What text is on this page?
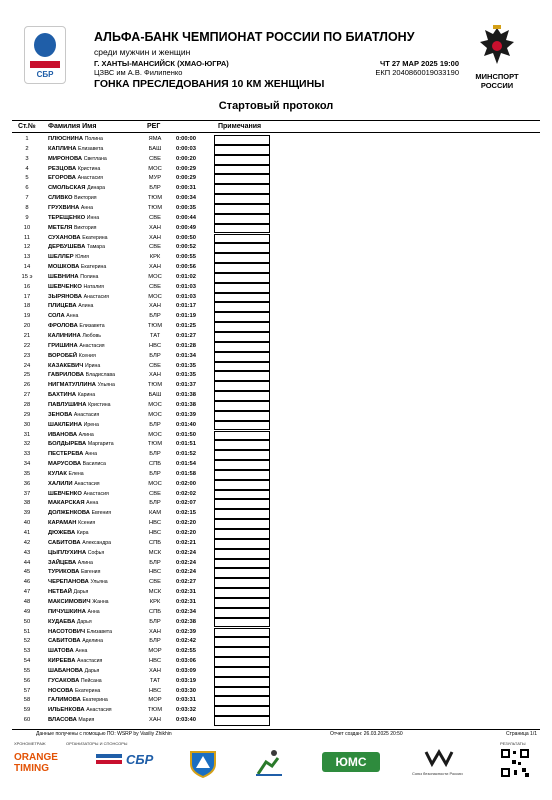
СБР
АЛЬФА-БАНК ЧЕМПИОНАТ РОССИИ ПО БИАТЛОНУ
среди мужчин и женщин
Г. ХАНТЫ-МАНСИЙСК (ХМАО-ЮГРА)
ЦЗВС им А.В. Филипенко
ГОНКА ПРЕСЛЕДОВАНИЯ 10 КМ ЖЕНЩИНЫ
ЧТ 27 МАР 2025 19:00
ЕКП 2040860019033190	МИНСПОРТ
РОССИИ
Стартовый протокол
Ст.№ Фамилия Имя	РЕГ	Примечания
1	ПЛЮСНИНА Полина	ЯМА	0:00:00
2	КАПЛИНА Елизавета	БАШ	0:00:03
3	МИРОНОВА Светлана	СВЕ	0:00:20
4	РЕЗЦОВА Кристина	МОС	0:00:29
5	ЕГОРОВА Анастасия	МУР	0:00:29
6	СМОЛЬСКАЯ Динара	БЛР	0:00:31
7	СЛИВКО Виктория	ТЮМ	0:00:34
8	ГРУХВИНА Анна	ТЮМ	0:00:35
9	ТЕРЕЩЕНКО Инна	СВЕ	0:00:44
10	МЕТЕЛЯ Виктория	ХАН	0:00:49
11	СУХАНОВА Екатерина	ХАН	0:00:50
12	ДЕРБУШЕВА Тамара	СВЕ	0:00:52
13	ШЕЛЛЕР Юлия	КРК	0:00:55
14	МОШКОВА Екатерина	ХАН	0:00:56
15 э	ШЕВНИНА Полина	МОС	0:01:02
16	ШЕВЧЕНКО Наталия	СВЕ	0:01:03
17	ЗЫРЯНОВА Анастасия	МОС	0:01:03
18	ПЛИЦЕВА Алина	ХАН	0:01:17
19	СОЛА Анна	БЛР	0:01:19
20	ФРОЛОВА Елизавета	ТЮМ	0:01:25
21	КАЛИНИНА Любовь	ТАТ	0:01:27
22	ГРИШИНА Анастасия	НВС	0:01:28
23	ВОРОБЕЙ Ксения	БЛР	0:01:34
24	КАЗАКЕВИЧ Ирина	СВЕ	0:01:35
25	ГАВРИЛОВА Владислава	ХАН	0:01:35
26	НИГМАТУЛЛИНА Ульяна	ТЮМ	0:01:37
27	БАХТИНА Карина	БАШ	0:01:38
28	ПАВЛУШИНА Кристина	МОС	0:01:38
29	ЗЕНОВА Анастасия	МОС	0:01:39
30	ШАКЛЕИНА Ирена	БЛР	0:01:40
31	ИВАНОВА Алина	МОС	0:01:50
32	БОЛДЫРЕВА Маргарита	ТЮМ	0:01:51
33	ПЕСТЕРЕВА Анна	БЛР	0:01:52
34	МАРУСОВА Василиса	СПБ	0:01:54
35	КУЛАК Елена	БЛР	0:01:58
36	ХАЛИЛИ Анастасия	МОС	0:02:00
37	ШЕВЧЕНКО Анастасия	СВЕ	0:02:02
38	МАКАРСКАЯ Анна	БЛР	0:02:07
39	ДОЛЖЕНКОВА Евгения	КАМ	0:02:15
40	КАРАМАН Ксения	НВС	0:02:20
41	ДЮЖЕВА Кира	НВС	0:02:20
42	САБИТОВА Александра	СПБ	0:02:21
43	ЦЫПЛУХИНА Софья	МСК	0:02:24
44	ЗАЙЦЕВА Алина	БЛР	0:02:24
45	ТУРИКОВА Евгения	НВС	0:02:24
46	ЧЕРЕПАНОВА Ульяна	СВЕ	0:02:27
47	НЕТБАЙ Дарья	МСК	0:02:31
48	МАКСИМОВИЧ Жанна	КРК	0:02:31
49	ПИЧУШКИНА Анна	СПБ	0:02:34
50	КУДАЕВА Дарья	БЛР	0:02:38
51	НАСОТОВИЧ Елизавета	ХАН	0:02:39
52	САБИТОВА Аделина	БЛР	0:02:42
53	ШАТОВА Анна	МОР	0:02:55
54	КИРЕЕВА Анастасия	НВС	0:03:06
55	ШАБАНОВА Дарья	ХАН	0:03:09
56	ГУСАКОВА Пейсана	ТАТ	0:03:19
57	НОСОВА Екатерина	НВС	0:03:30
58	ГАЛИМОВА Екатерина	МОР	0:03:31
59	ИЛЬЕНКОВА Анастасия	ТЮМ	0:03:32
60	ВЛАСОВА Мария	ХАН	0:03:40
Данные получены с помощью ПО: WSRP by Vasiliy Zhikhin	Отчет создан: 26.03.2025 20:50	Страница 1/1
ХРОНОМЕТРАЖ	ОРГАНИЗАТОРЫ И СПОНСОРЫ	РЕЗУЛЬТАТЫ
ORANGE
TIMING
СБР	ЮМС
Союз безопасности России
